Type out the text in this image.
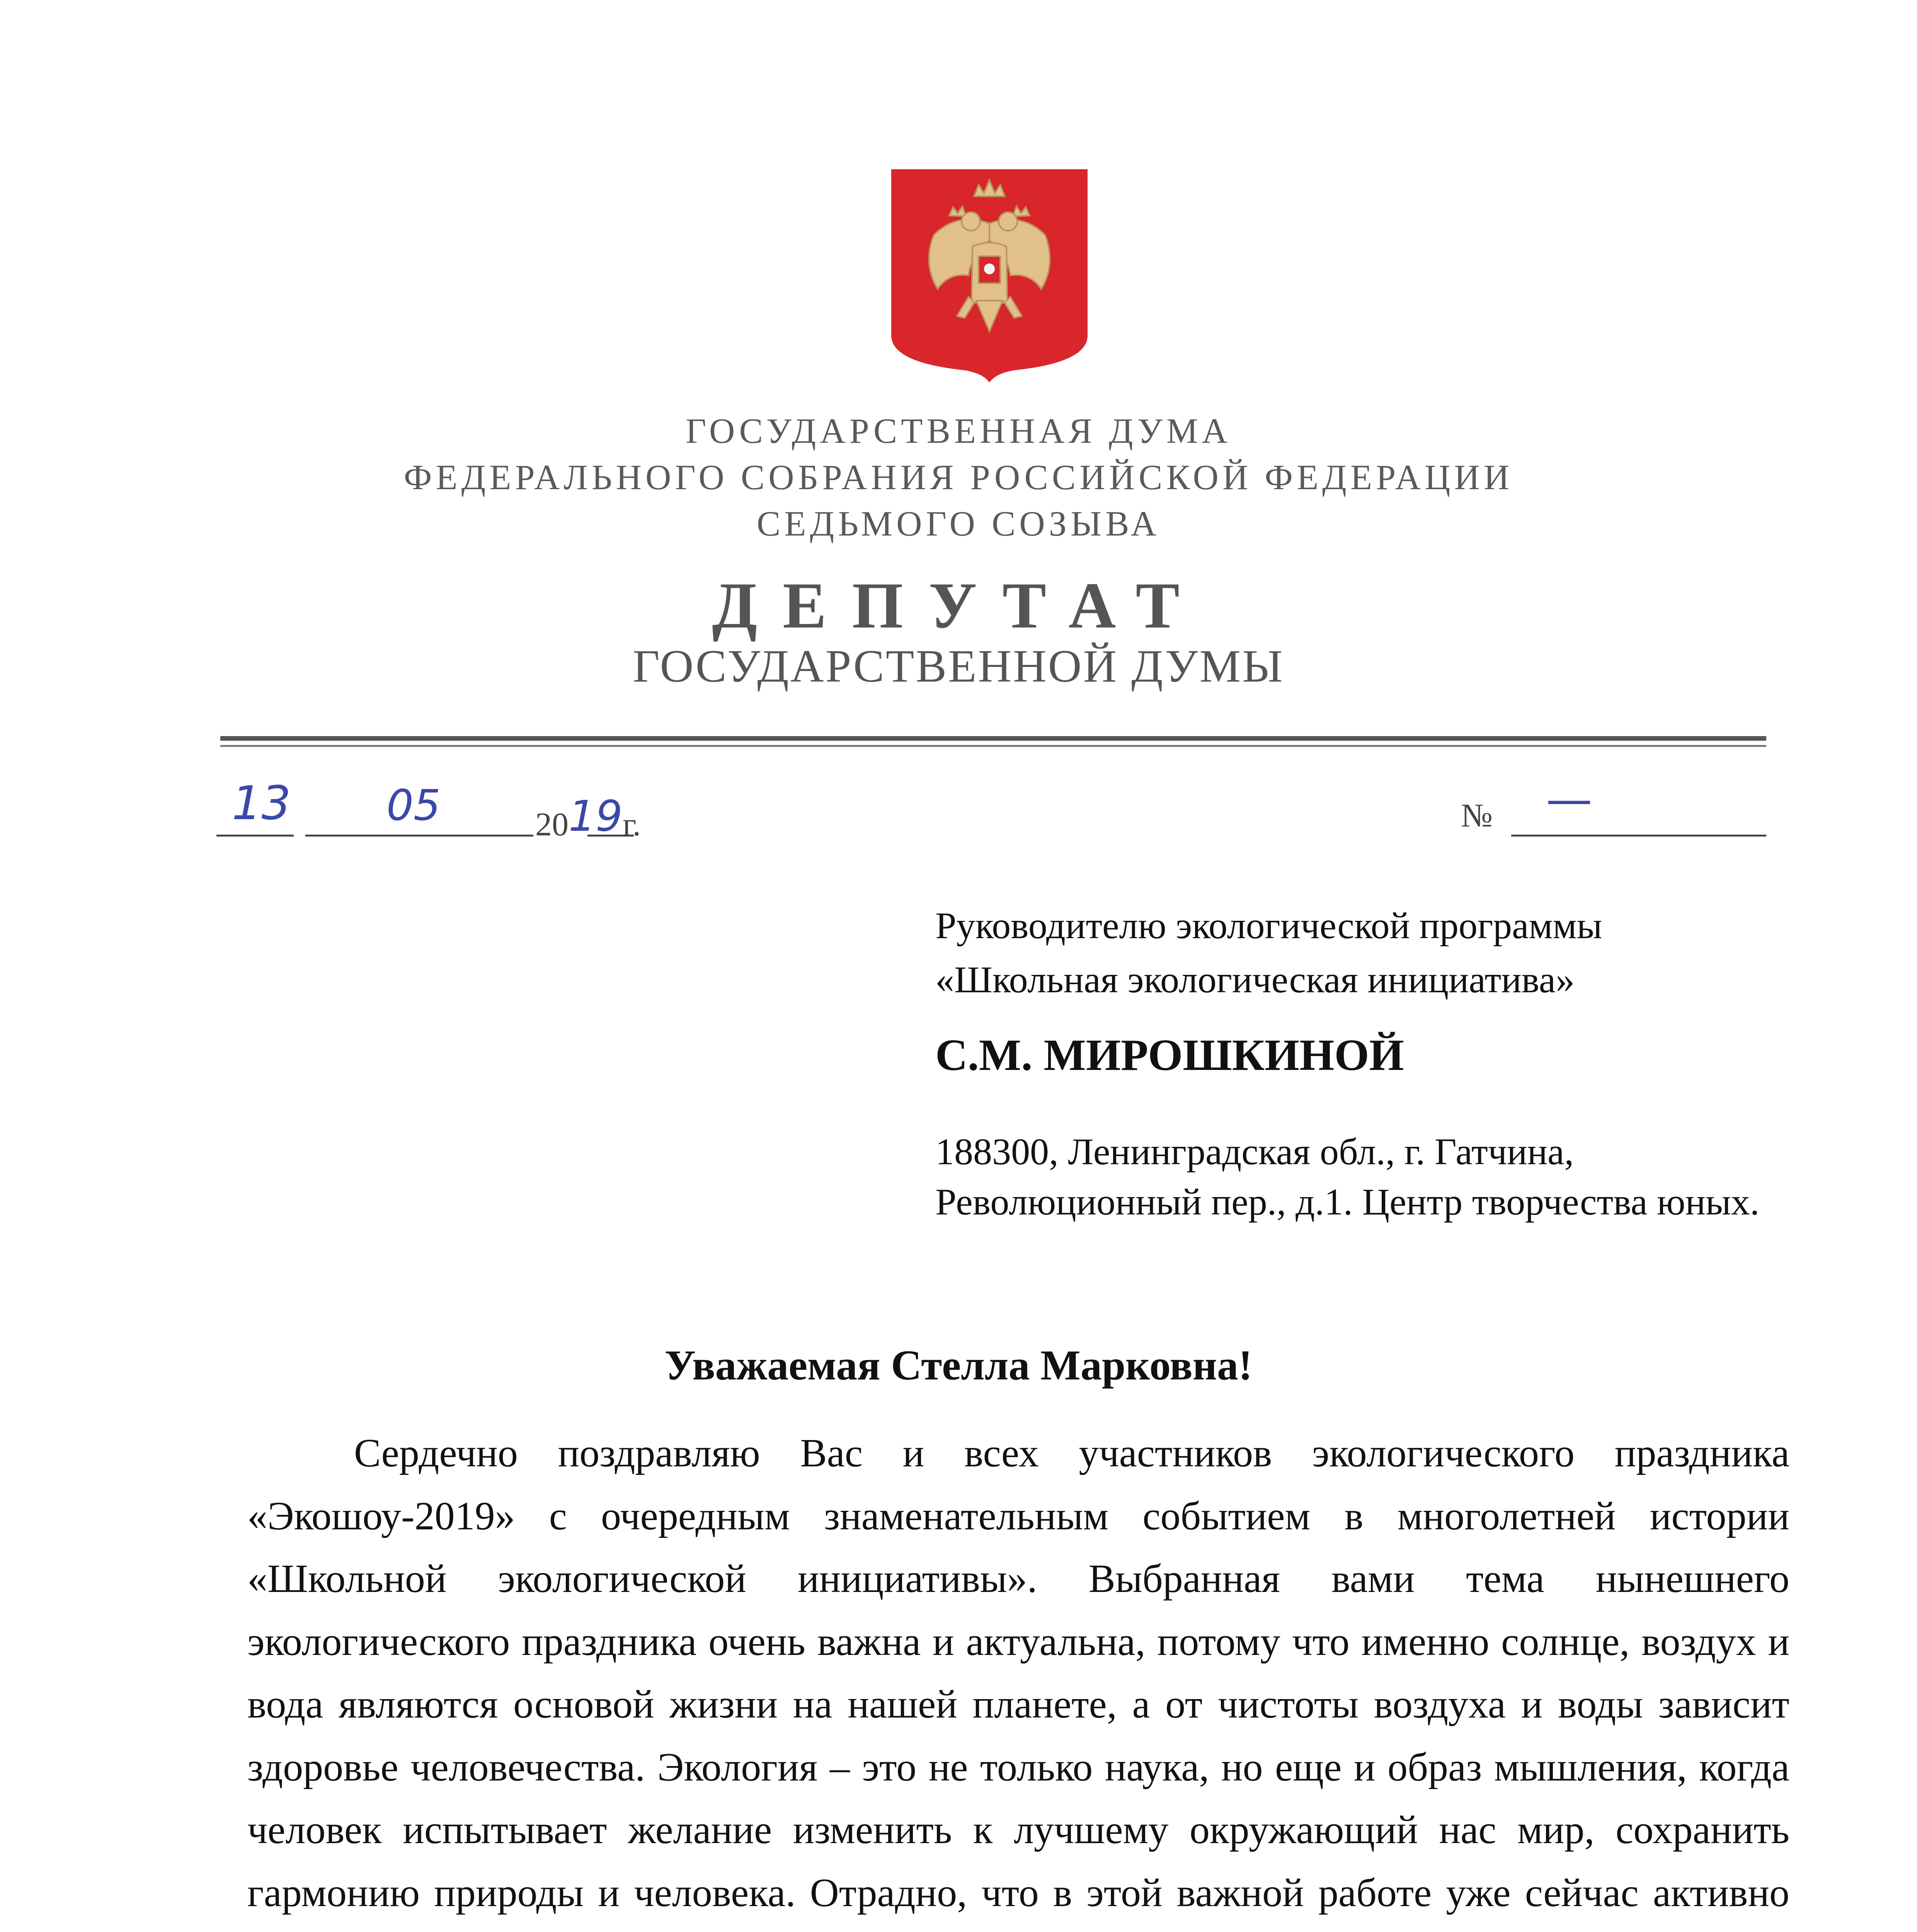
ГОСУДАРСТВЕННАЯ ДУМА
ФЕДЕРАЛЬНОГО СОБРАНИЯ РОССИЙСКОЙ ФЕДЕРАЦИИ
СЕДЬМОГО СОЗЫВА
ДЕПУТАТ
ГОСУДАРСТВЕННОЙ ДУМЫ
13 05	2019г.	№ —
Руководителю экологической программы
«Школьная экологическая инициатива»
С.М. МИРОШКИНОЙ
188300, Ленинградская обл., г. Гатчина,
Революционный пер., д.1. Центр творчества юных.
Уважаемая Стелла Марковна!
Сердечно поздравляю Вас и всех участников экологического праздника «Экошоу-2019» с очередным знаменательным событием в многолетней истории «Школьной экологической инициативы». Выбранная вами тема нынешнего экологического праздника очень важна и актуальна, потому что именно солнце, воздух и вода являются основой жизни на нашей планете, а от чистоты воздуха и воды зависит здоровье человечества. Экология – это не только наука, но еще и образ мышления, когда человек испытывает желание изменить к лучшему окружающий нас мир, сохранить гармонию природы и человека. Отрадно, что в этой важной работе уже сейчас активно
